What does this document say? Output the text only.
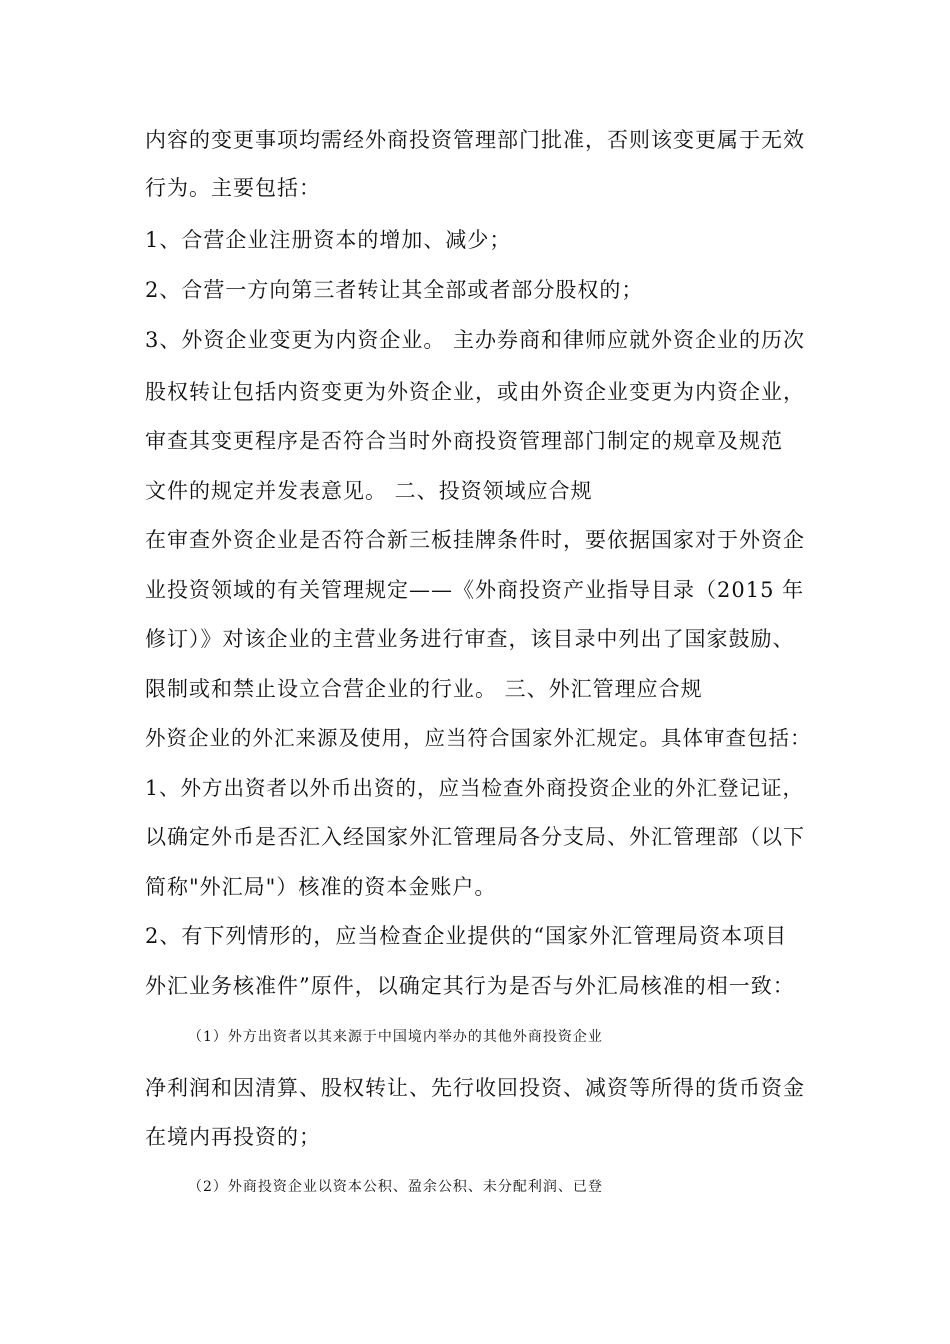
内容的变更事项均需经外商投资管理部门批准，否则该变更属于无效
行为。主要包括：
1、合营企业注册资本的增加、减少；
2、合营一方向第三者转让其全部或者部分股权的；
3、外资企业变更为内资企业。 主办券商和律师应就外资企业的历次
股权转让包括内资变更为外资企业，或由外资企业变更为内资企业，
审查其变更程序是否符合当时外商投资管理部门制定的规章及规范
文件的规定并发表意见。 二、投资领域应合规
在审查外资企业是否符合新三板挂牌条件时，要依据国家对于外资企
业投资领域的有关管理规定——《外商投资产业指导目录（2015 年
修订）》对该企业的主营业务进行审查，该目录中列出了国家鼓励、
限制或和禁止设立合营企业的行业。 三、外汇管理应合规
外资企业的外汇来源及使用，应当符合国家外汇规定。具体审查包括：
1、外方出资者以外币出资的，应当检查外商投资企业的外汇登记证，
以确定外币是否汇入经国家外汇管理局各分支局、外汇管理部（以下
简称"外汇局"）核准的资本金账户。
2、有下列情形的，应当检查企业提供的“国家外汇管理局资本项目
外汇业务核准件”原件，以确定其行为是否与外汇局核准的相一致：
（1）外方出资者以其来源于中国境内举办的其他外商投资企业
净利润和因清算、股权转让、先行收回投资、减资等所得的货币资金
在境内再投资的；
（2）外商投资企业以资本公积、盈余公积、未分配利润、已登
